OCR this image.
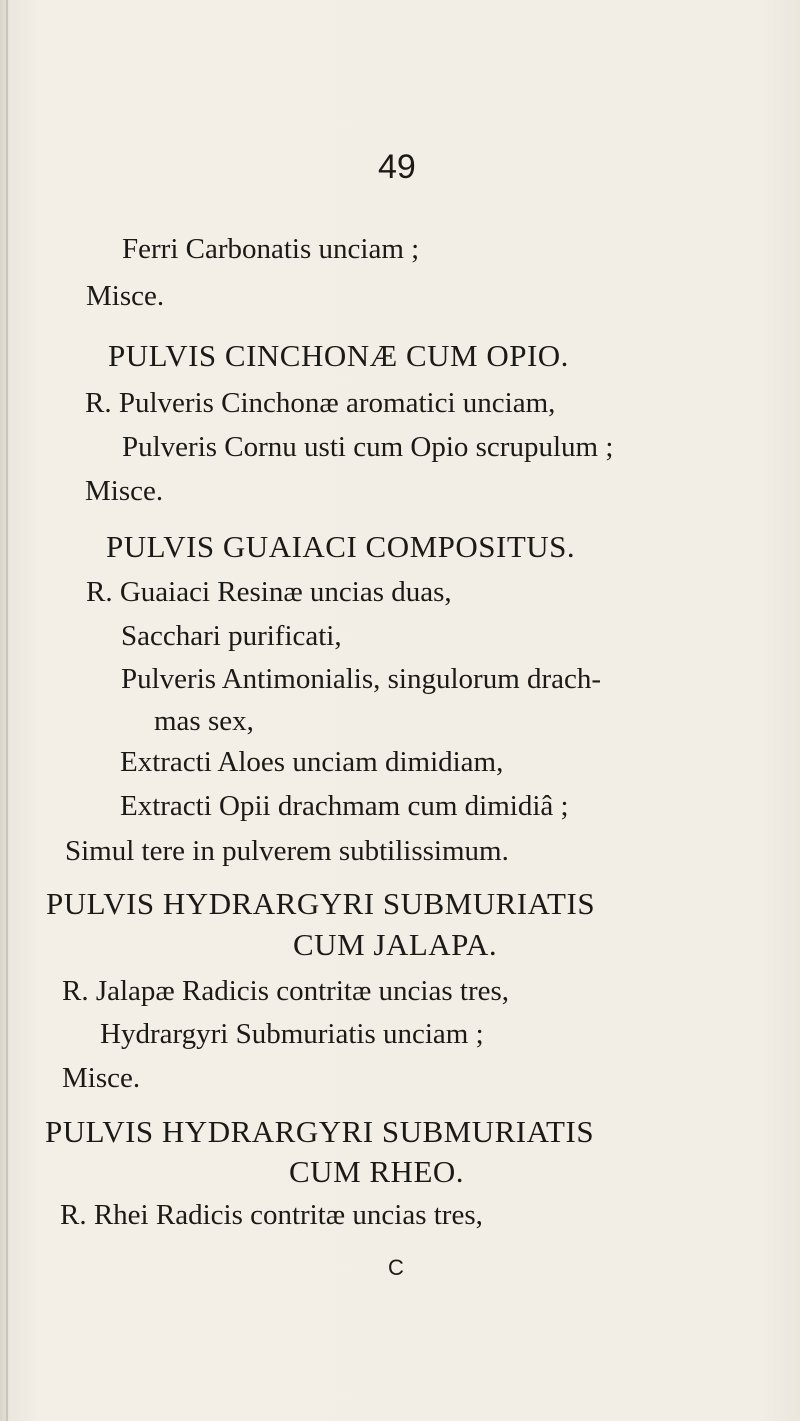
49
Ferri Carbonatis unciam ;
Misce.
PULVIS CINCHONÆ CUM OPIO.
R. Pulveris Cinchonæ aromatici unciam,
Pulveris Cornu usti cum Opio scrupulum ;
Misce.
PULVIS GUAIACI COMPOSITUS.
R. Guaiaci Resinæ uncias duas,
Sacchari purificati,
Pulveris Antimonialis, singulorum drach-
mas sex,
Extracti Aloes unciam dimidiam,
Extracti Opii drachmam cum dimidiâ ;
Simul tere in pulverem subtilissimum.
PULVIS HYDRARGYRI SUBMURIATIS
CUM JALAPA.
R. Jalapæ Radicis contritæ uncias tres,
Hydrargyri Submuriatis unciam ;
Misce.
PULVIS HYDRARGYRI SUBMURIATIS
CUM RHEO.
R. Rhei Radicis contritæ uncias tres,
C
